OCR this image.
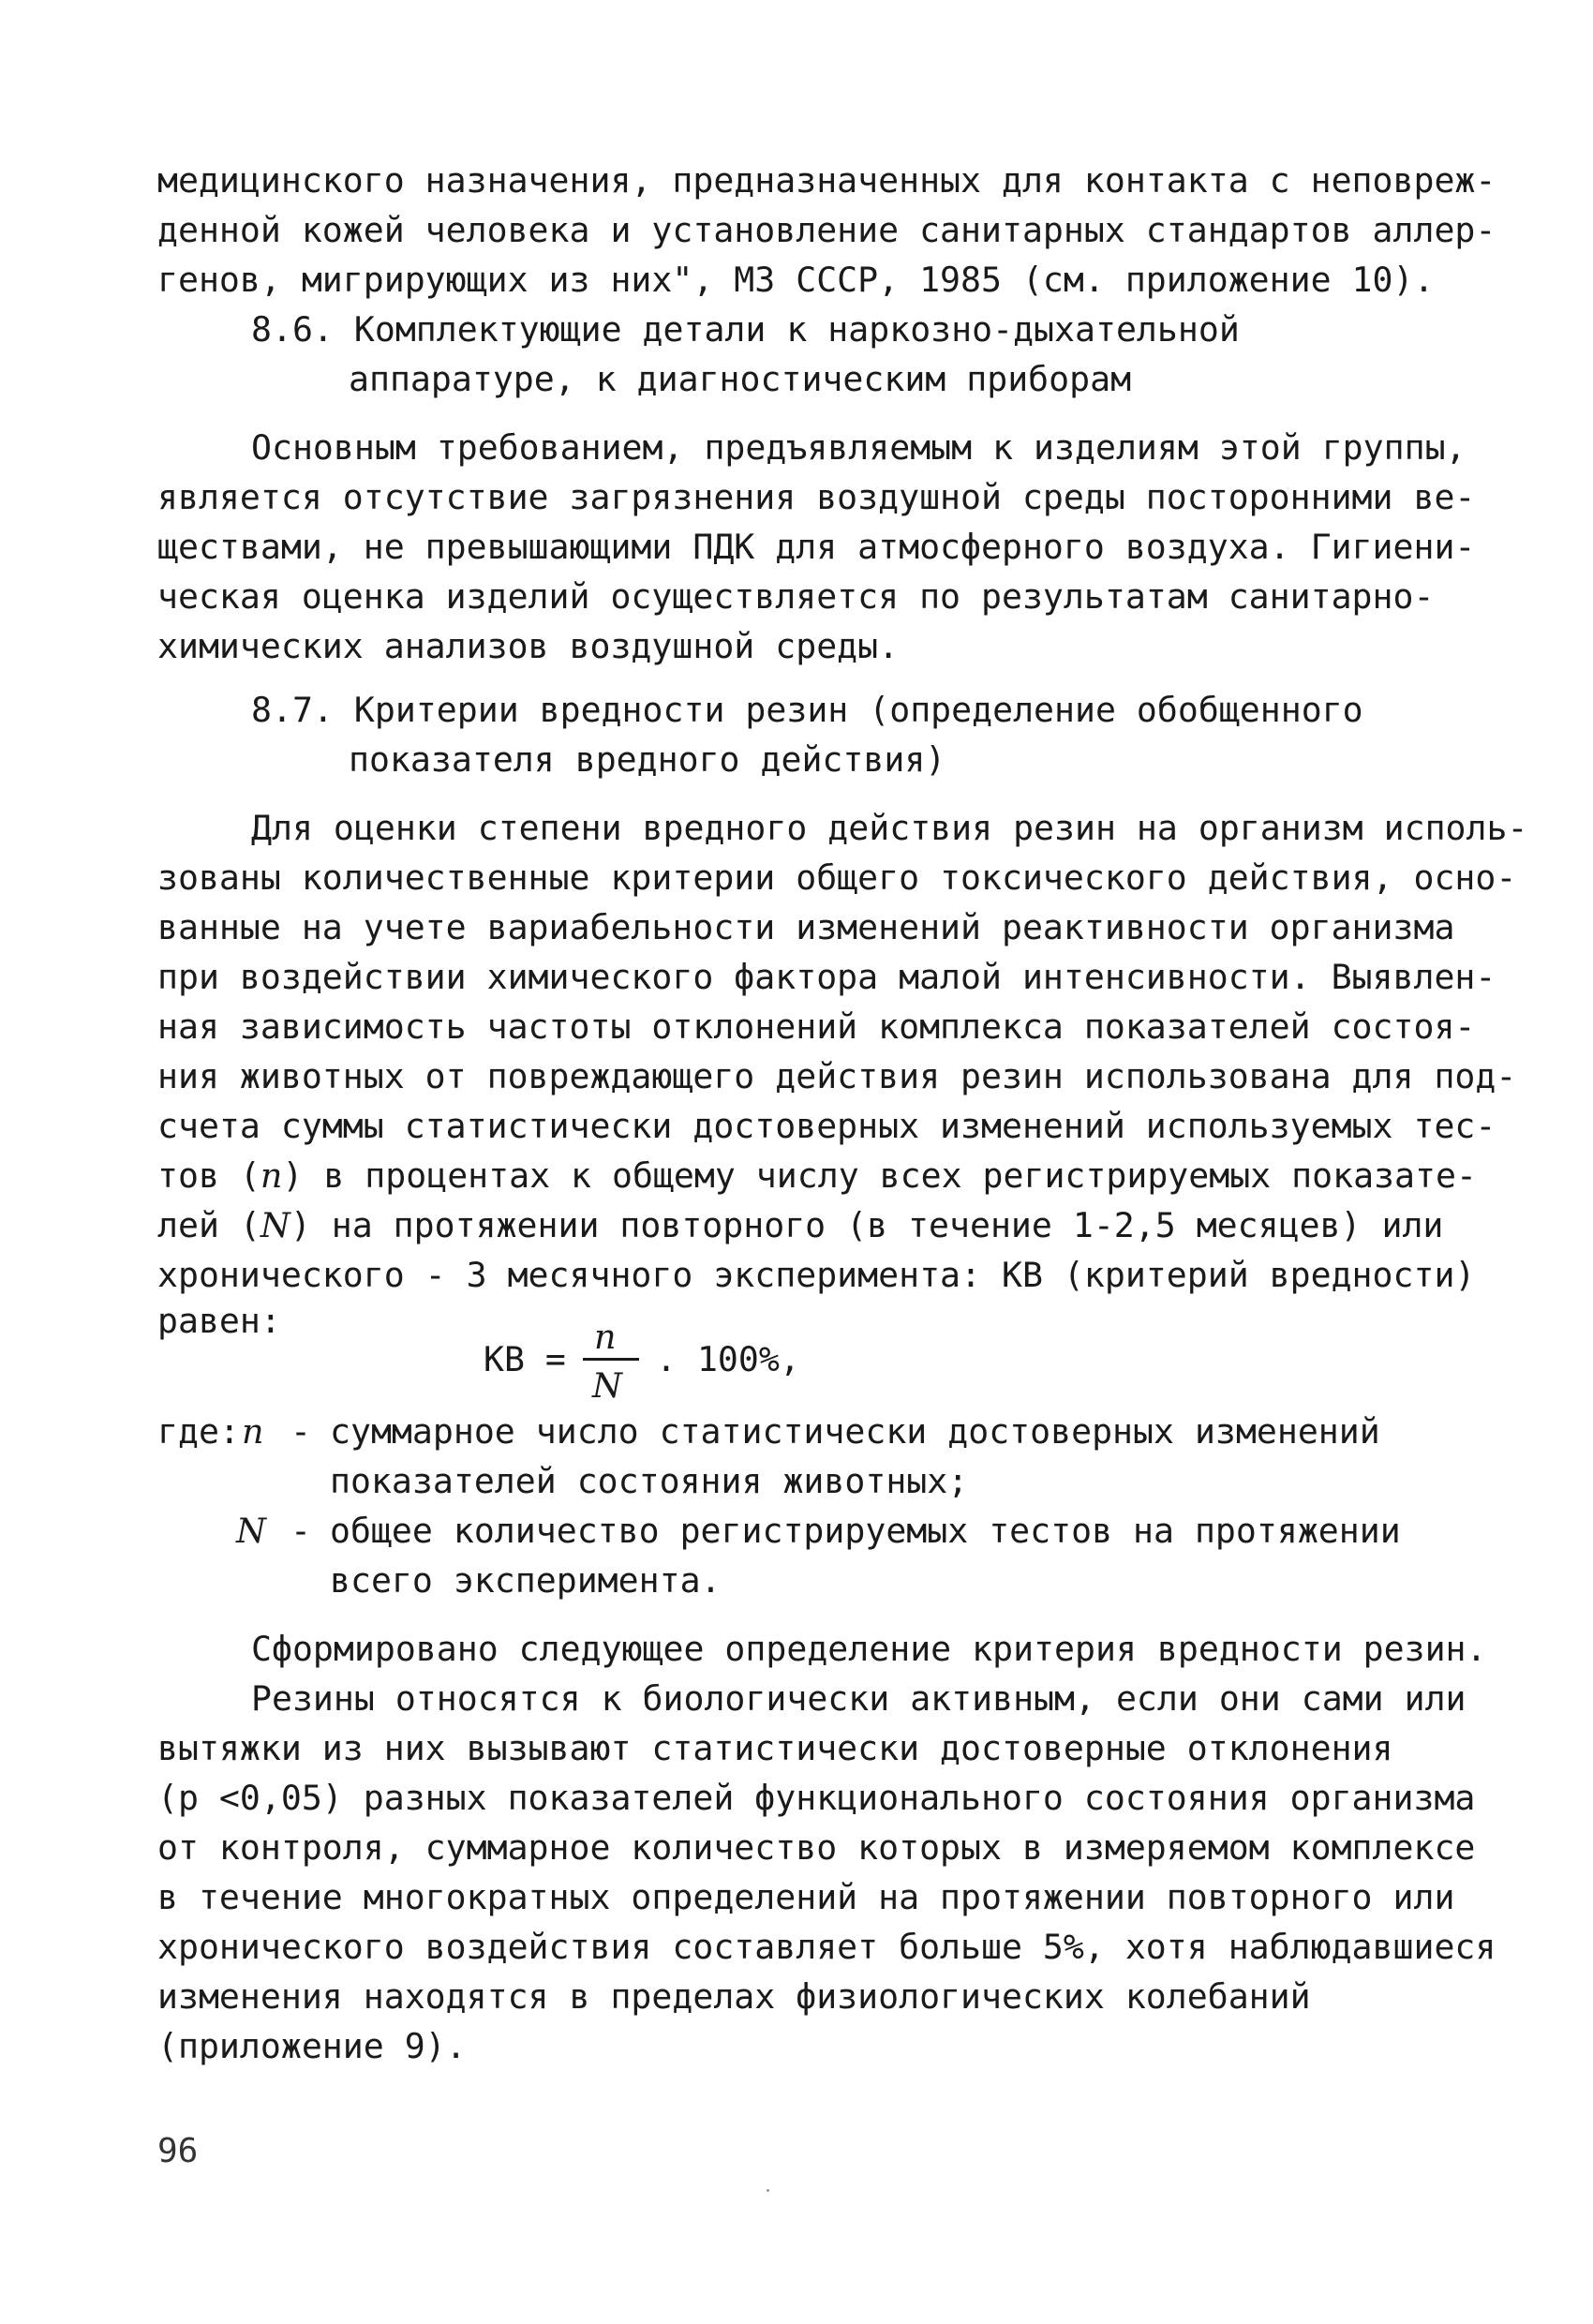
медицинского назначения, предназначенных для контакта с неповреж-
денной кожей человека и установление санитарных стандартов аллер-
генов, мигрирующих из них", МЗ СССР, 1985 (см. приложение 10).
8.6. Комплектующие детали к наркозно-дыхательной
аппаратуре, к диагностическим приборам
Основным требованием, предъявляемым к изделиям этой группы,
является отсутствие загрязнения воздушной среды посторонними ве-
ществами, не превышающими ПДК для атмосферного воздуха. Гигиени-
ческая оценка изделий осуществляется по результатам санитарно-
химических анализов воздушной среды.
8.7. Критерии вредности резин (определение обобщенного
показателя вредного действия)
Для оценки степени вредного действия резин на организм исполь-
зованы количественные критерии общего токсического действия, осно-
ванные на учете вариабельности изменений реактивности организма
при воздействии химического фактора малой интенсивности. Выявлен-
ная зависимость частоты отклонений комплекса показателей состоя-
ния животных от повреждающего действия резин использована для под-
счета суммы статистически достоверных изменений используемых тес-
тов (n) в процентах к общему числу всех регистрируемых показате-
лей (N) на протяжении повторного (в течение 1-2,5 месяцев) или
хронического - 3 месячного эксперимента: КВ (критерий вредности)
равен:
КВ =
n
N
. 100%,
где: n - суммарное число статистически достоверных изменений
показателей состояния животных;
N - общее количество регистрируемых тестов на протяжении
всего эксперимента.
Сформировано следующее определение критерия вредности резин.
Резины относятся к биологически активным, если они сами или
вытяжки из них вызывают статистически достоверные отклонения
(р <0,05) разных показателей функционального состояния организма
от контроля, суммарное количество которых в измеряемом комплексе
в течение многократных определений на протяжении повторного или
хронического воздействия составляет больше 5%, хотя наблюдавшиеся
изменения находятся в пределах физиологических колебаний
(приложение 9).
96
